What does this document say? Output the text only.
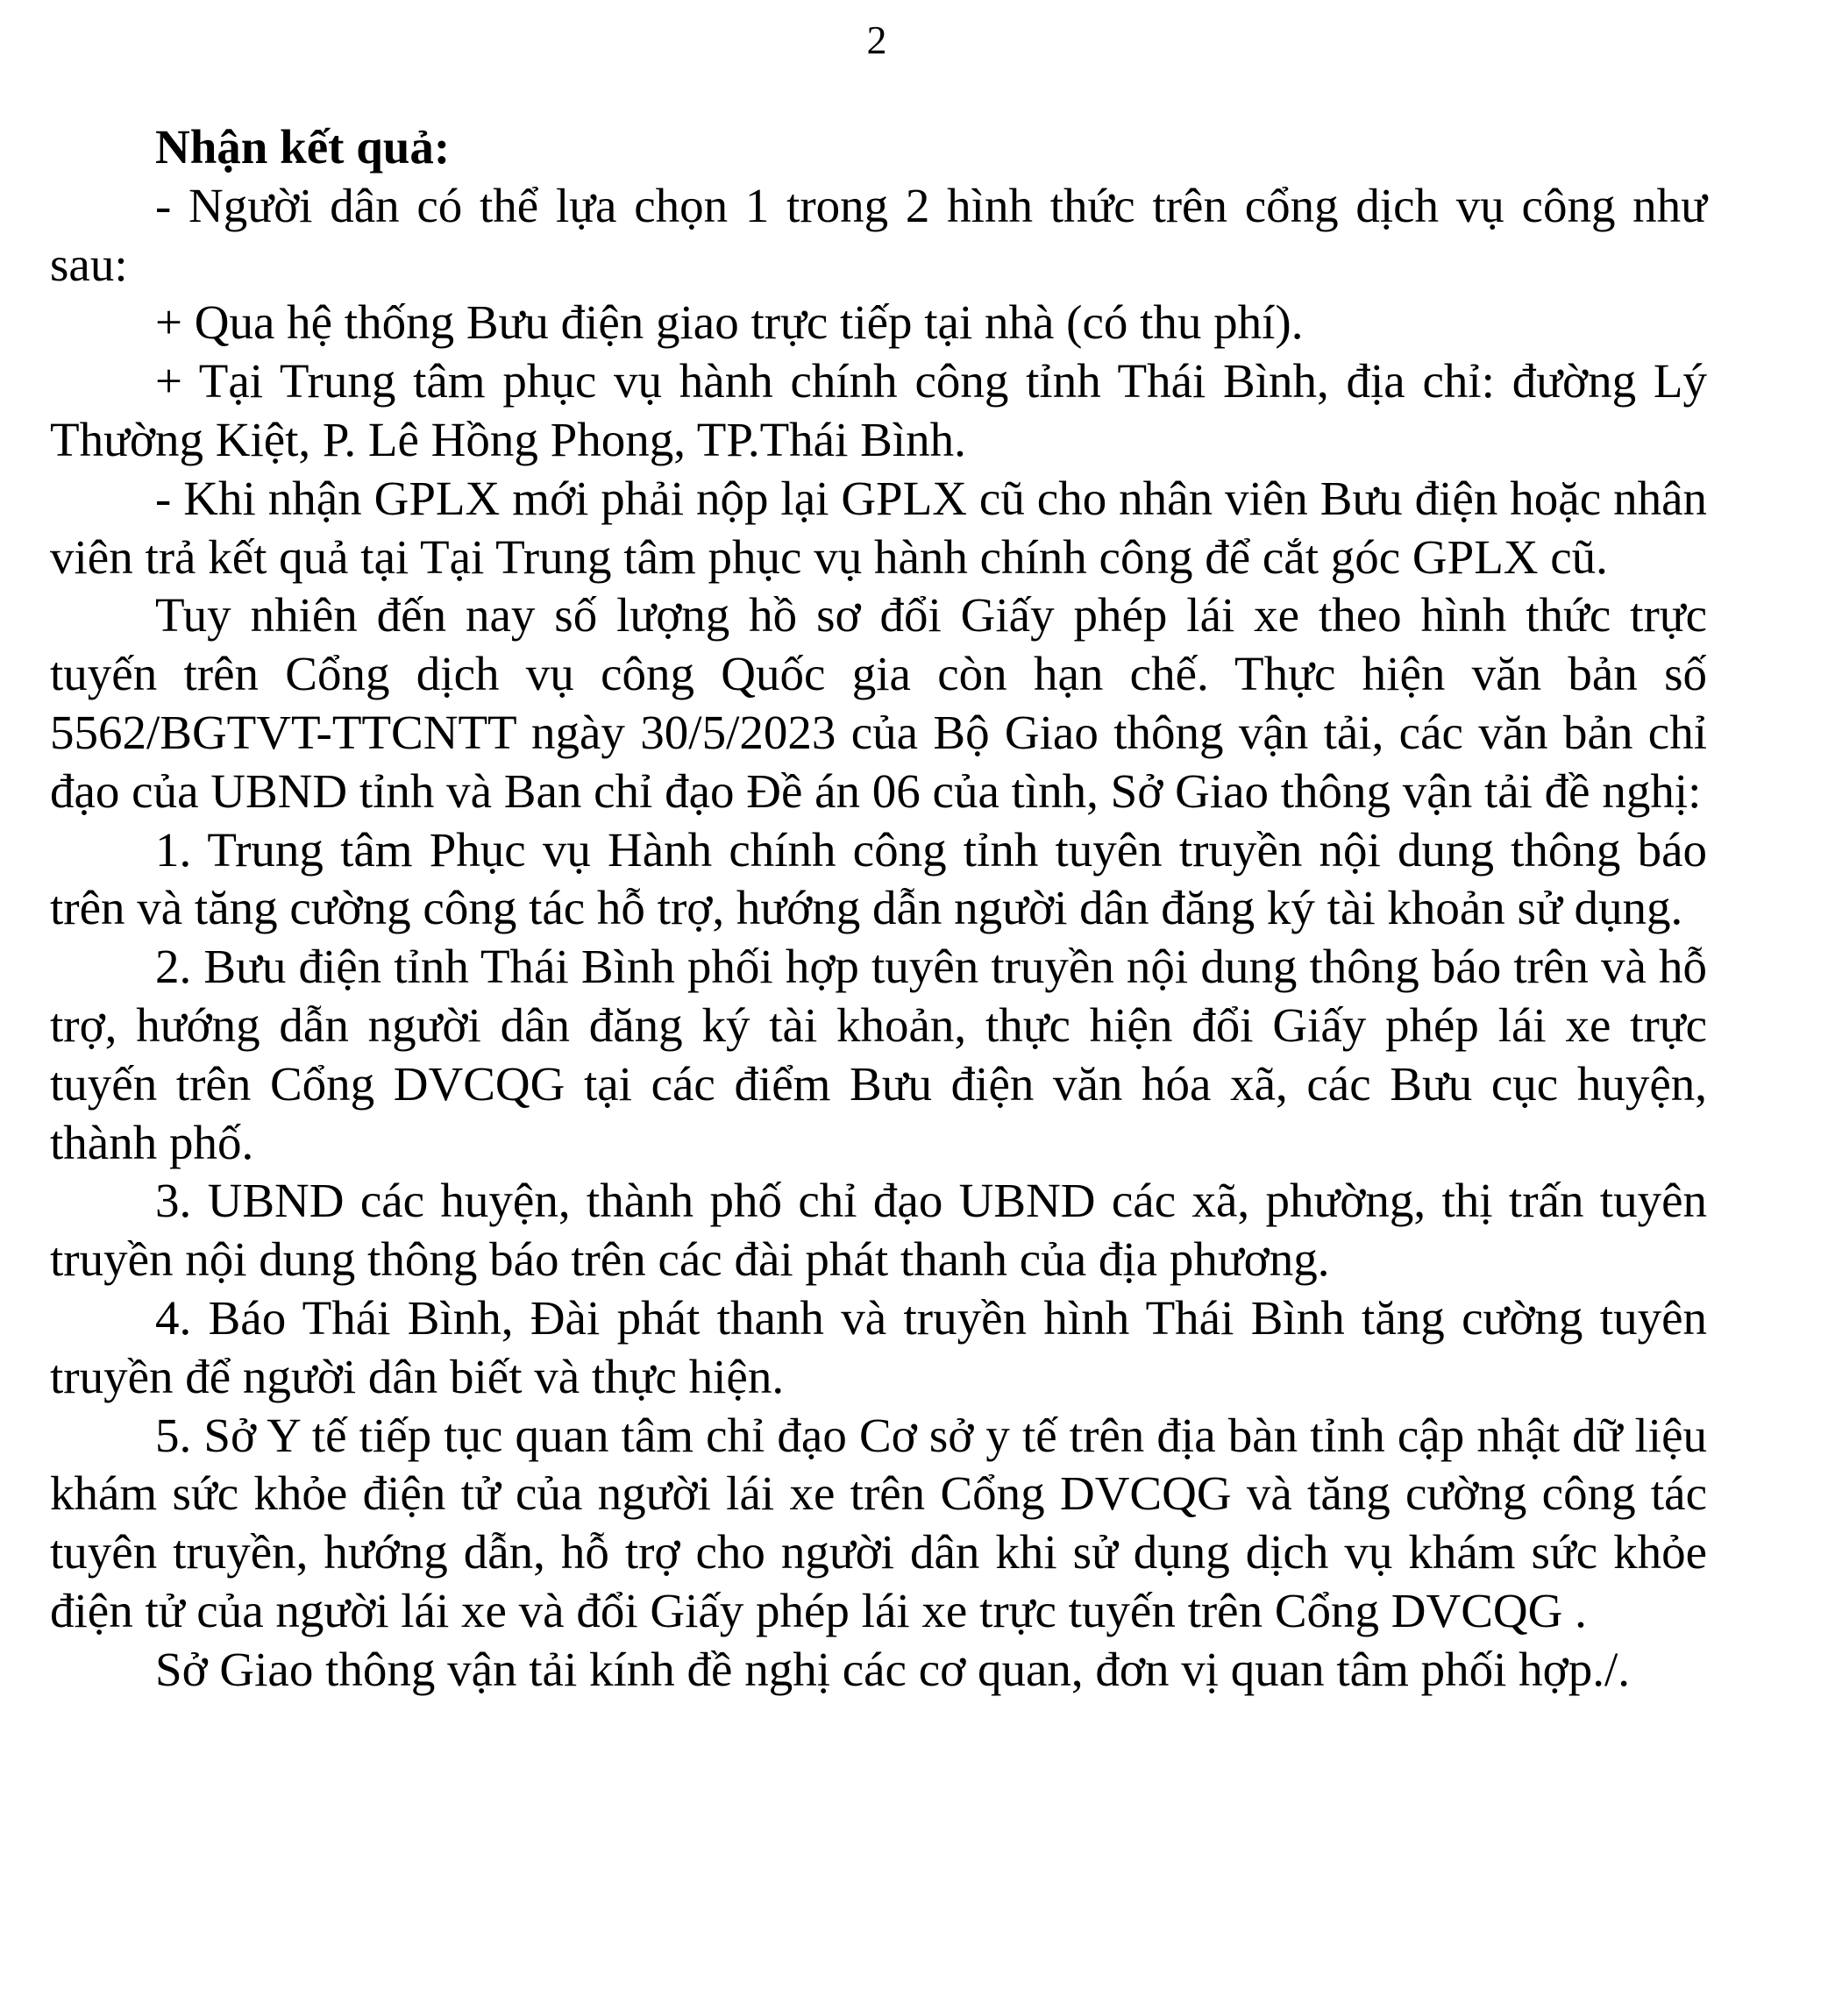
2

Nhận kết quả:

- Người dân có thể lựa chọn 1 trong 2 hình thức trên cổng dịch vụ công như sau:

+ Qua hệ thống Bưu điện giao trực tiếp tại nhà (có thu phí).

+ Tại Trung tâm phục vụ hành chính công tỉnh Thái Bình, địa chỉ: đường Lý Thường Kiệt, P. Lê Hồng Phong, TP.Thái Bình.

- Khi nhận GPLX mới phải nộp lại GPLX cũ cho nhân viên Bưu điện hoặc nhân viên trả kết quả tại Tại Trung tâm phục vụ hành chính công để cắt góc GPLX cũ.

Tuy nhiên đến nay số lượng hồ sơ đổi Giấy phép lái xe theo hình thức trực tuyến trên Cổng dịch vụ công Quốc gia còn hạn chế. Thực hiện văn bản số 5562/BGTVT-TTCNTT ngày 30/5/2023 của Bộ Giao thông vận tải, các văn bản chỉ đạo của UBND tỉnh và Ban chỉ đạo Đề án 06 của tình, Sở Giao thông vận tải đề nghị:

1. Trung tâm Phục vụ Hành chính công tỉnh tuyên truyền nội dung thông báo trên và tăng cường công tác hỗ trợ, hướng dẫn người dân đăng ký tài khoản sử dụng.

2. Bưu điện tỉnh Thái Bình phối hợp tuyên truyền nội dung thông báo trên và hỗ trợ, hướng dẫn người dân đăng ký tài khoản, thực hiện đổi Giấy phép lái xe trực tuyến trên Cổng DVCQG tại các điểm Bưu điện văn hóa xã, các Bưu cục huyện, thành phố.

3. UBND các huyện, thành phố chỉ đạo UBND các xã, phường, thị trấn tuyên truyền nội dung thông báo trên các đài phát thanh của địa phương.

4. Báo Thái Bình, Đài phát thanh và truyền hình Thái Bình tăng cường tuyên truyền để người dân biết và thực hiện.

5. Sở Y tế tiếp tục quan tâm chỉ đạo Cơ sở y tế trên địa bàn tỉnh cập nhật dữ liệu khám sức khỏe điện tử của người lái xe trên Cổng DVCQG và tăng cường công tác tuyên truyền, hướng dẫn, hỗ trợ cho người dân khi sử dụng dịch vụ khám sức khỏe điện tử của người lái xe và đổi Giấy phép lái xe trực tuyến trên Cổng DVCQG .

Sở Giao thông vận tải kính đề nghị các cơ quan, đơn vị quan tâm phối hợp./.
